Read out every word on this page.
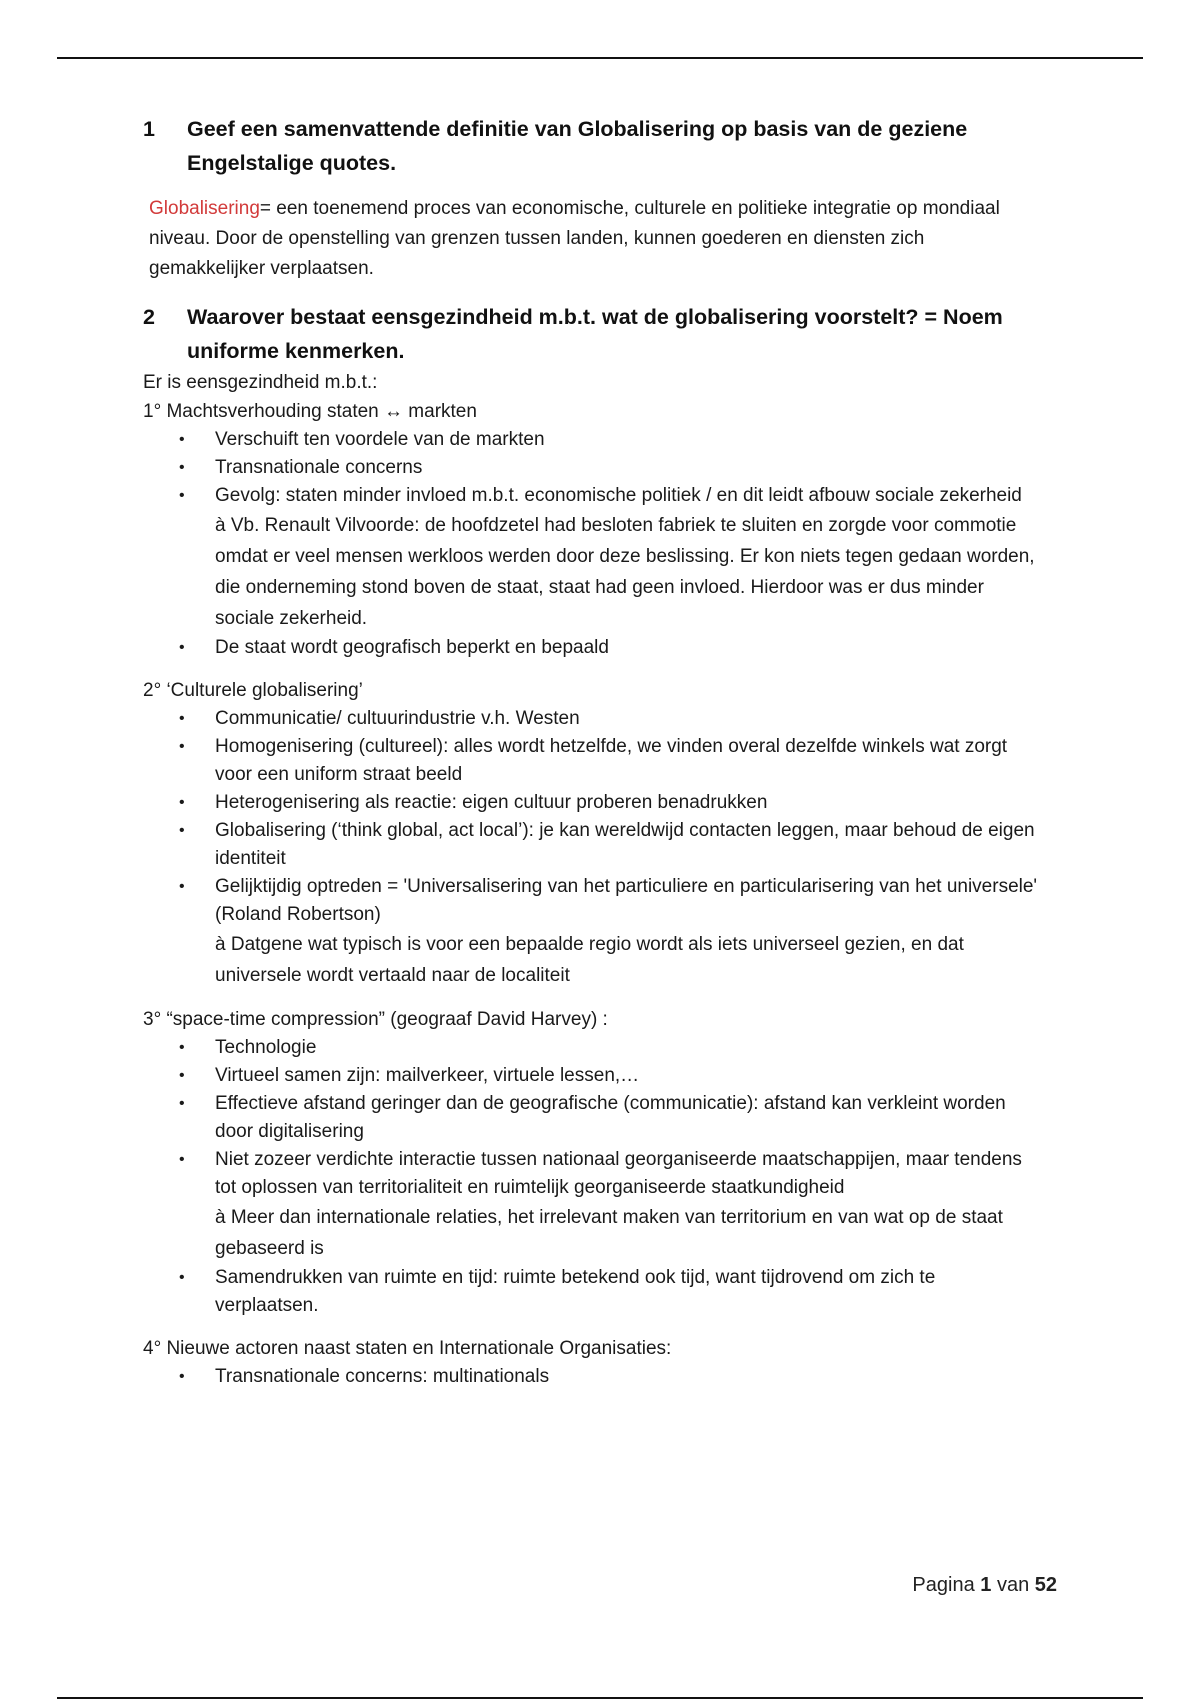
1	Geef een samenvattende definitie van Globalisering op basis van de geziene Engelstalige quotes.

Globalisering= een toenemend proces van economische, culturele en politieke integratie op mondiaal niveau. Door de openstelling van grenzen tussen landen, kunnen goederen en diensten zich gemakkelijker verplaatsen.

2	Waarover bestaat eensgezindheid m.b.t. wat de globalisering voorstelt? = Noem uniforme kenmerken.

Er is eensgezindheid m.b.t.:

1° Machtsverhouding staten ↔ markten

• Verschuift ten voordele van de markten
• Transnationale concerns
• Gevolg: staten minder invloed m.b.t. economische politiek / en dit leidt afbouw sociale zekerheid
à Vb. Renault Vilvoorde: de hoofdzetel had besloten fabriek te sluiten en zorgde voor commotie omdat er veel mensen werkloos werden door deze beslissing. Er kon niets tegen gedaan worden, die onderneming stond boven de staat, staat had geen invloed. Hierdoor was er dus minder sociale zekerheid.
• De staat wordt geografisch beperkt en bepaald

2° ‘Culturele globalisering’

• Communicatie/ cultuurindustrie v.h. Westen
• Homogenisering (cultureel): alles wordt hetzelfde, we vinden overal dezelfde winkels wat zorgt voor een uniform straat beeld
• Heterogenisering als reactie: eigen cultuur proberen benadrukken
• Globalisering (‘think global, act local’): je kan wereldwijd contacten leggen, maar behoud de eigen identiteit
• Gelijktijdig optreden = 'Universalisering van het particuliere en particularisering van het universele' (Roland Robertson)
à Datgene wat typisch is voor een bepaalde regio wordt als iets universeel gezien, en dat universele wordt vertaald naar de localiteit

3° “space-time compression” (geograaf David Harvey) :

• Technologie
• Virtueel samen zijn: mailverkeer, virtuele lessen,…
• Effectieve afstand geringer dan de geografische (communicatie): afstand kan verkleint worden door digitalisering
• Niet zozeer verdichte interactie tussen nationaal georganiseerde maatschappijen, maar tendens tot oplossen van territorialiteit en ruimtelijk georganiseerde staatkundigheid
à Meer dan internationale relaties, het irrelevant maken van territorium en van wat op de staat gebaseerd is
• Samendrukken van ruimte en tijd: ruimte betekend ook tijd, want tijdrovend om zich te verplaatsen.

4° Nieuwe actoren naast staten en Internationale Organisaties:

• Transnationale concerns: multinationals
Pagina 1 van 52
